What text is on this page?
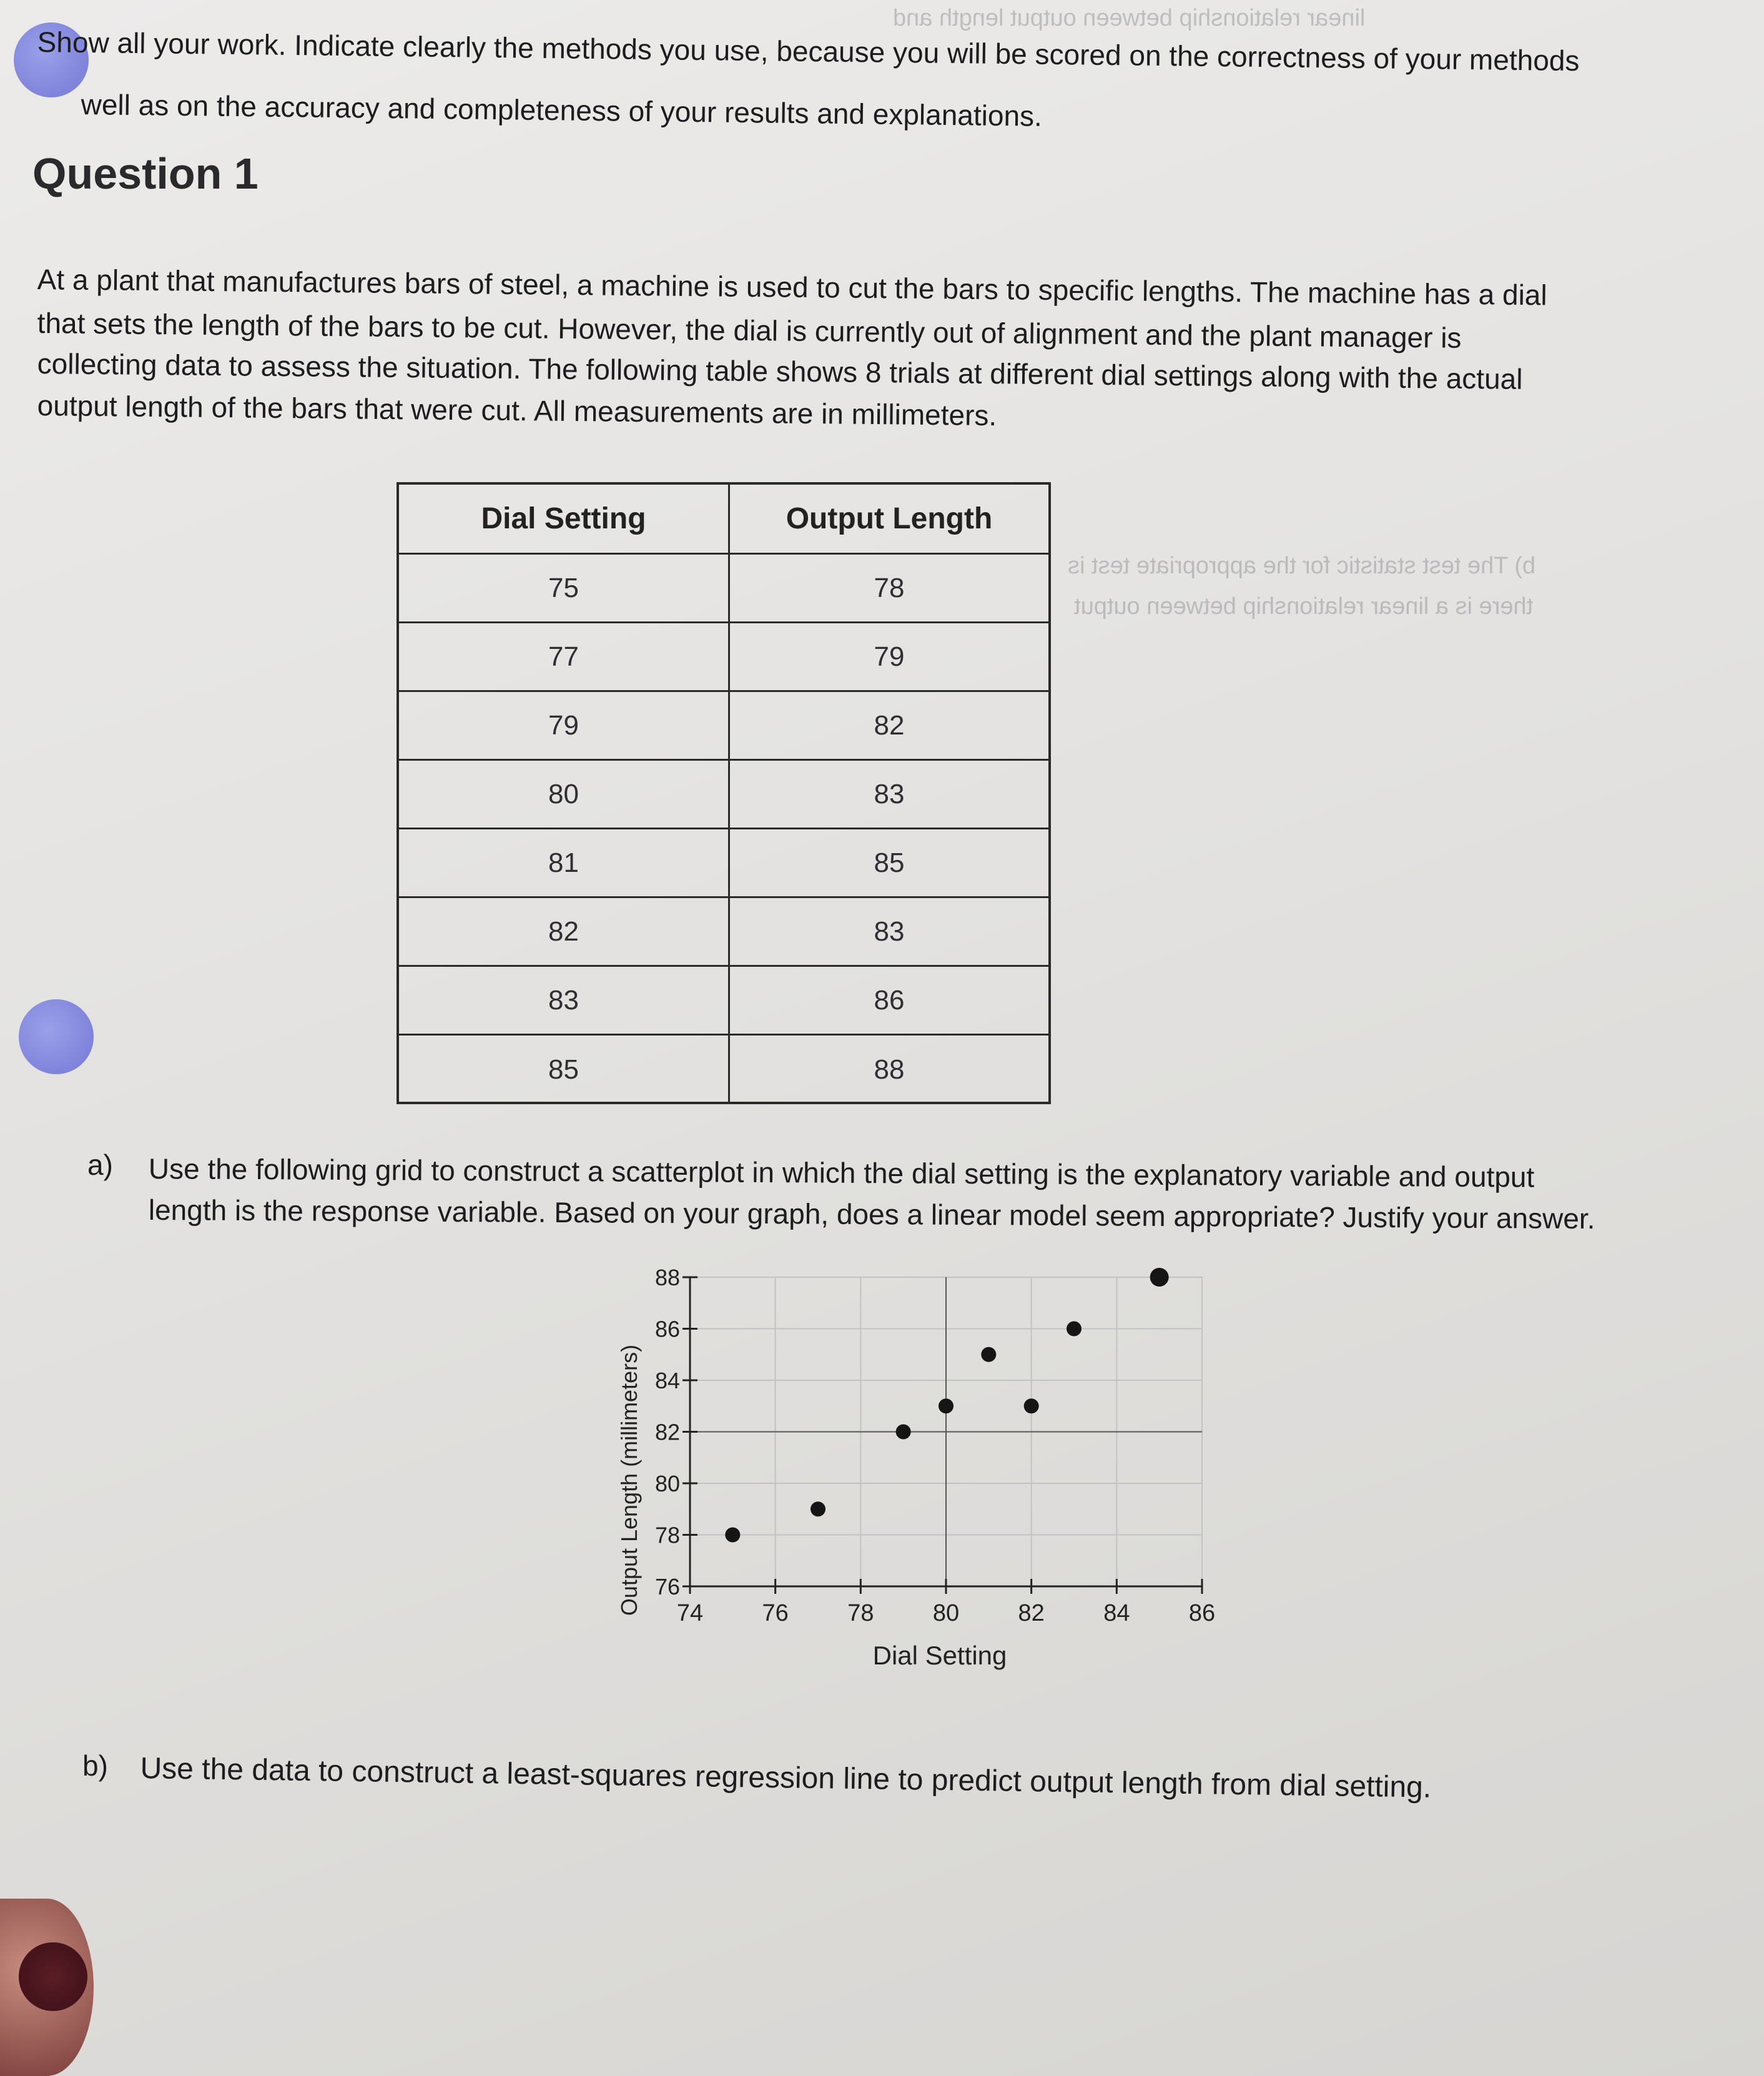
linear relationship between output length and
b) The test statistic for the appropriate test is
there is a linear relationship between output
Show all your work. Indicate clearly the methods you use, because you will be scored on the correctness of your methods
well as on the accuracy and completeness of your results and explanations.
Question 1
At a plant that manufactures bars of steel, a machine is used to cut the bars to specific lengths. The machine has a dial
that sets the length of the bars to be cut. However, the dial is currently out of alignment and the plant manager is
collecting data to assess the situation. The following table shows 8 trials at different dial settings along with the actual
output length of the bars that were cut. All measurements are in millimeters.
Dial Setting	Output Length
75	78
77	79
79	82
80	83
81	85
82	83
83	86
85	88
a) Use the following grid to construct a scatterplot in which the dial setting is the explanatory variable and output
length is the response variable. Based on your graph, does a linear model seem appropriate? Justify your answer.
74 76 78 80 82 84 86
76
78
80
82
84
86
88
Dial Setting
Output Length (millimeters)
b) Use the data to construct a least-squares regression line to predict output length from dial setting.
